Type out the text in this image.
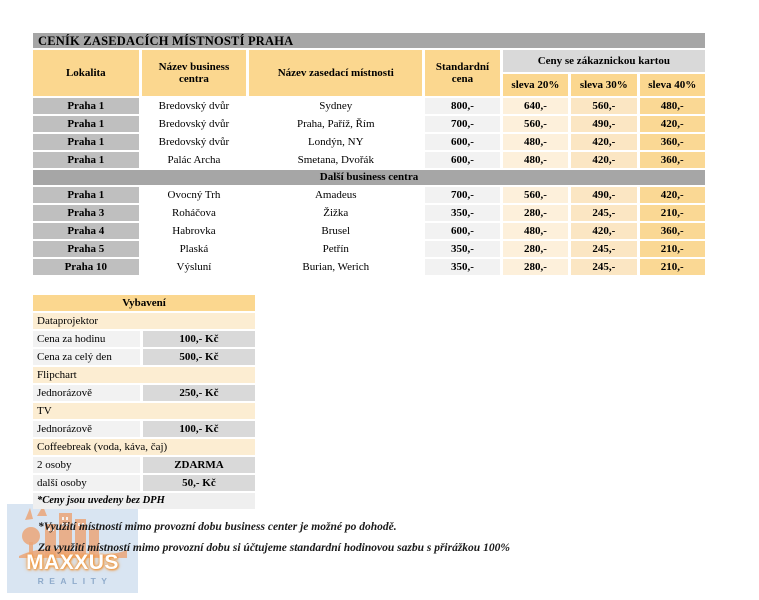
CENÍK ZASEDACÍCH MÍSTNOSTÍ PRAHA						
Lokalita	Název business centra	Název zasedací místnosti	Standardní cena	Ceny se zákaznickou kartou		
				sleva 20%	sleva 30%	sleva 40%
Praha 1	Bredovský dvůr	Sydney	800,-	640,-	560,-	480,-
Praha 1	Bredovský dvůr	Praha, Paříž, Řím	700,-	560,-	490,-	420,-
Praha 1	Bredovský dvůr	Londýn, NY	600,-	480,-	420,-	360,-
Praha 1	Palác Archa	Smetana, Dvořák	600,-	480,-	420,-	360,-
Další business centra						
Praha 1	Ovocný Trh	Amadeus	700,-	560,-	490,-	420,-
Praha 3	Roháčova	Žižka	350,-	280,-	245,-	210,-
Praha 4	Habrovka	Brusel	600,-	480,-	420,-	360,-
Praha 5	Plaská	Petřín	350,-	280,-	245,-	210,-
Praha 10	Výsluní	Burian, Werich	350,-	280,-	245,-	210,-
Vybavení	
Dataprojektor	
Cena za hodinu	100,- Kč
Cena za celý den	500,- Kč
Flipchart	
Jednorázově	250,- Kč
TV	
Jednorázově	100,- Kč
Coffeebreak (voda, káva, čaj)	
2 osoby	ZDARMA
další osoby	50,- Kč
*Ceny jsou uvedeny bez DPH	
MAXXUS
REALITY
*Využití místností mimo provozní dobu business center je možné po dohodě.
Za využití místností mimo provozní dobu si účtujeme standardní hodinovou sazbu s přirážkou 100%
